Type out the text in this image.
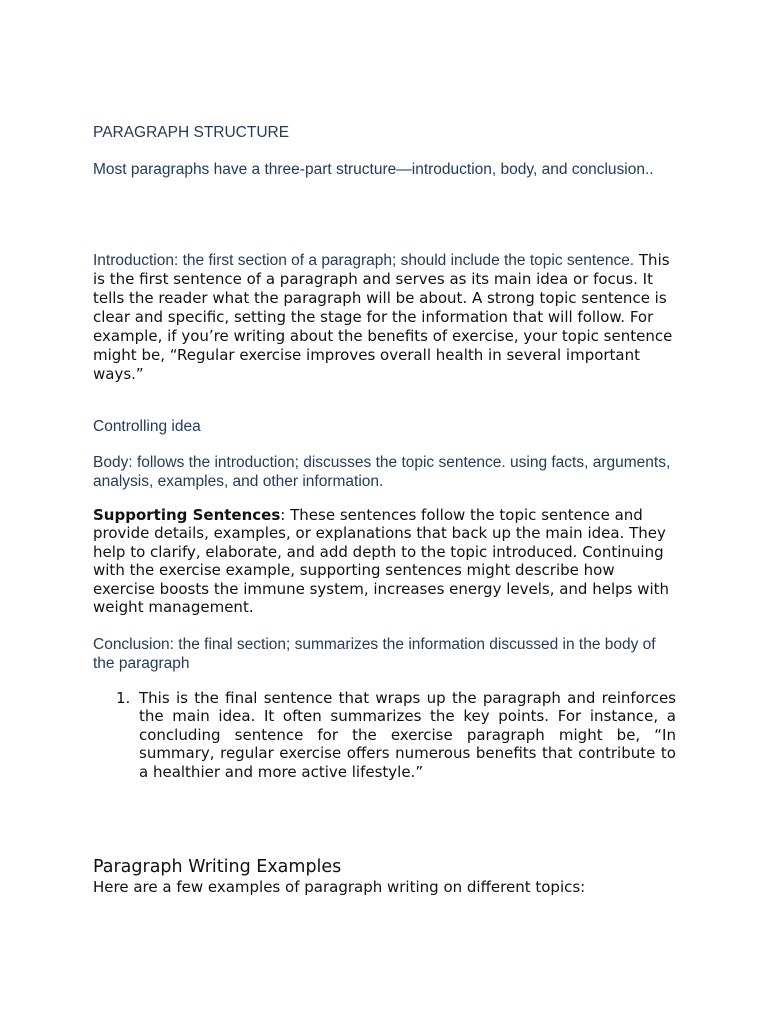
PARAGRAPH STRUCTURE

Most paragraphs have a three-part structure—introduction, body, and conclusion..

Introduction: the first section of a paragraph; should include the topic sentence. This is the first sentence of a paragraph and serves as its main idea or focus. It tells the reader what the paragraph will be about. A strong topic sentence is clear and specific, setting the stage for the information that will follow. For example, if you’re writing about the benefits of exercise, your topic sentence might be, “Regular exercise improves overall health in several important ways.”

Controlling idea

Body: follows the introduction; discusses the topic sentence. using facts, arguments, analysis, examples, and other information.

Supporting Sentences: These sentences follow the topic sentence and provide details, examples, or explanations that back up the main idea. They help to clarify, elaborate, and add depth to the topic introduced. Continuing with the exercise example, supporting sentences might describe how exercise boosts the immune system, increases energy levels, and helps with weight management.

Conclusion: the final section; summarizes the information discussed in the body of the paragraph

1. This is the final sentence that wraps up the paragraph and reinforces the main idea. It often summarizes the key points. For instance, a concluding sentence for the exercise paragraph might be, “In summary, regular exercise offers numerous benefits that contribute to a healthier and more active lifestyle.”

Paragraph Writing Examples

Here are a few examples of paragraph writing on different topics:
